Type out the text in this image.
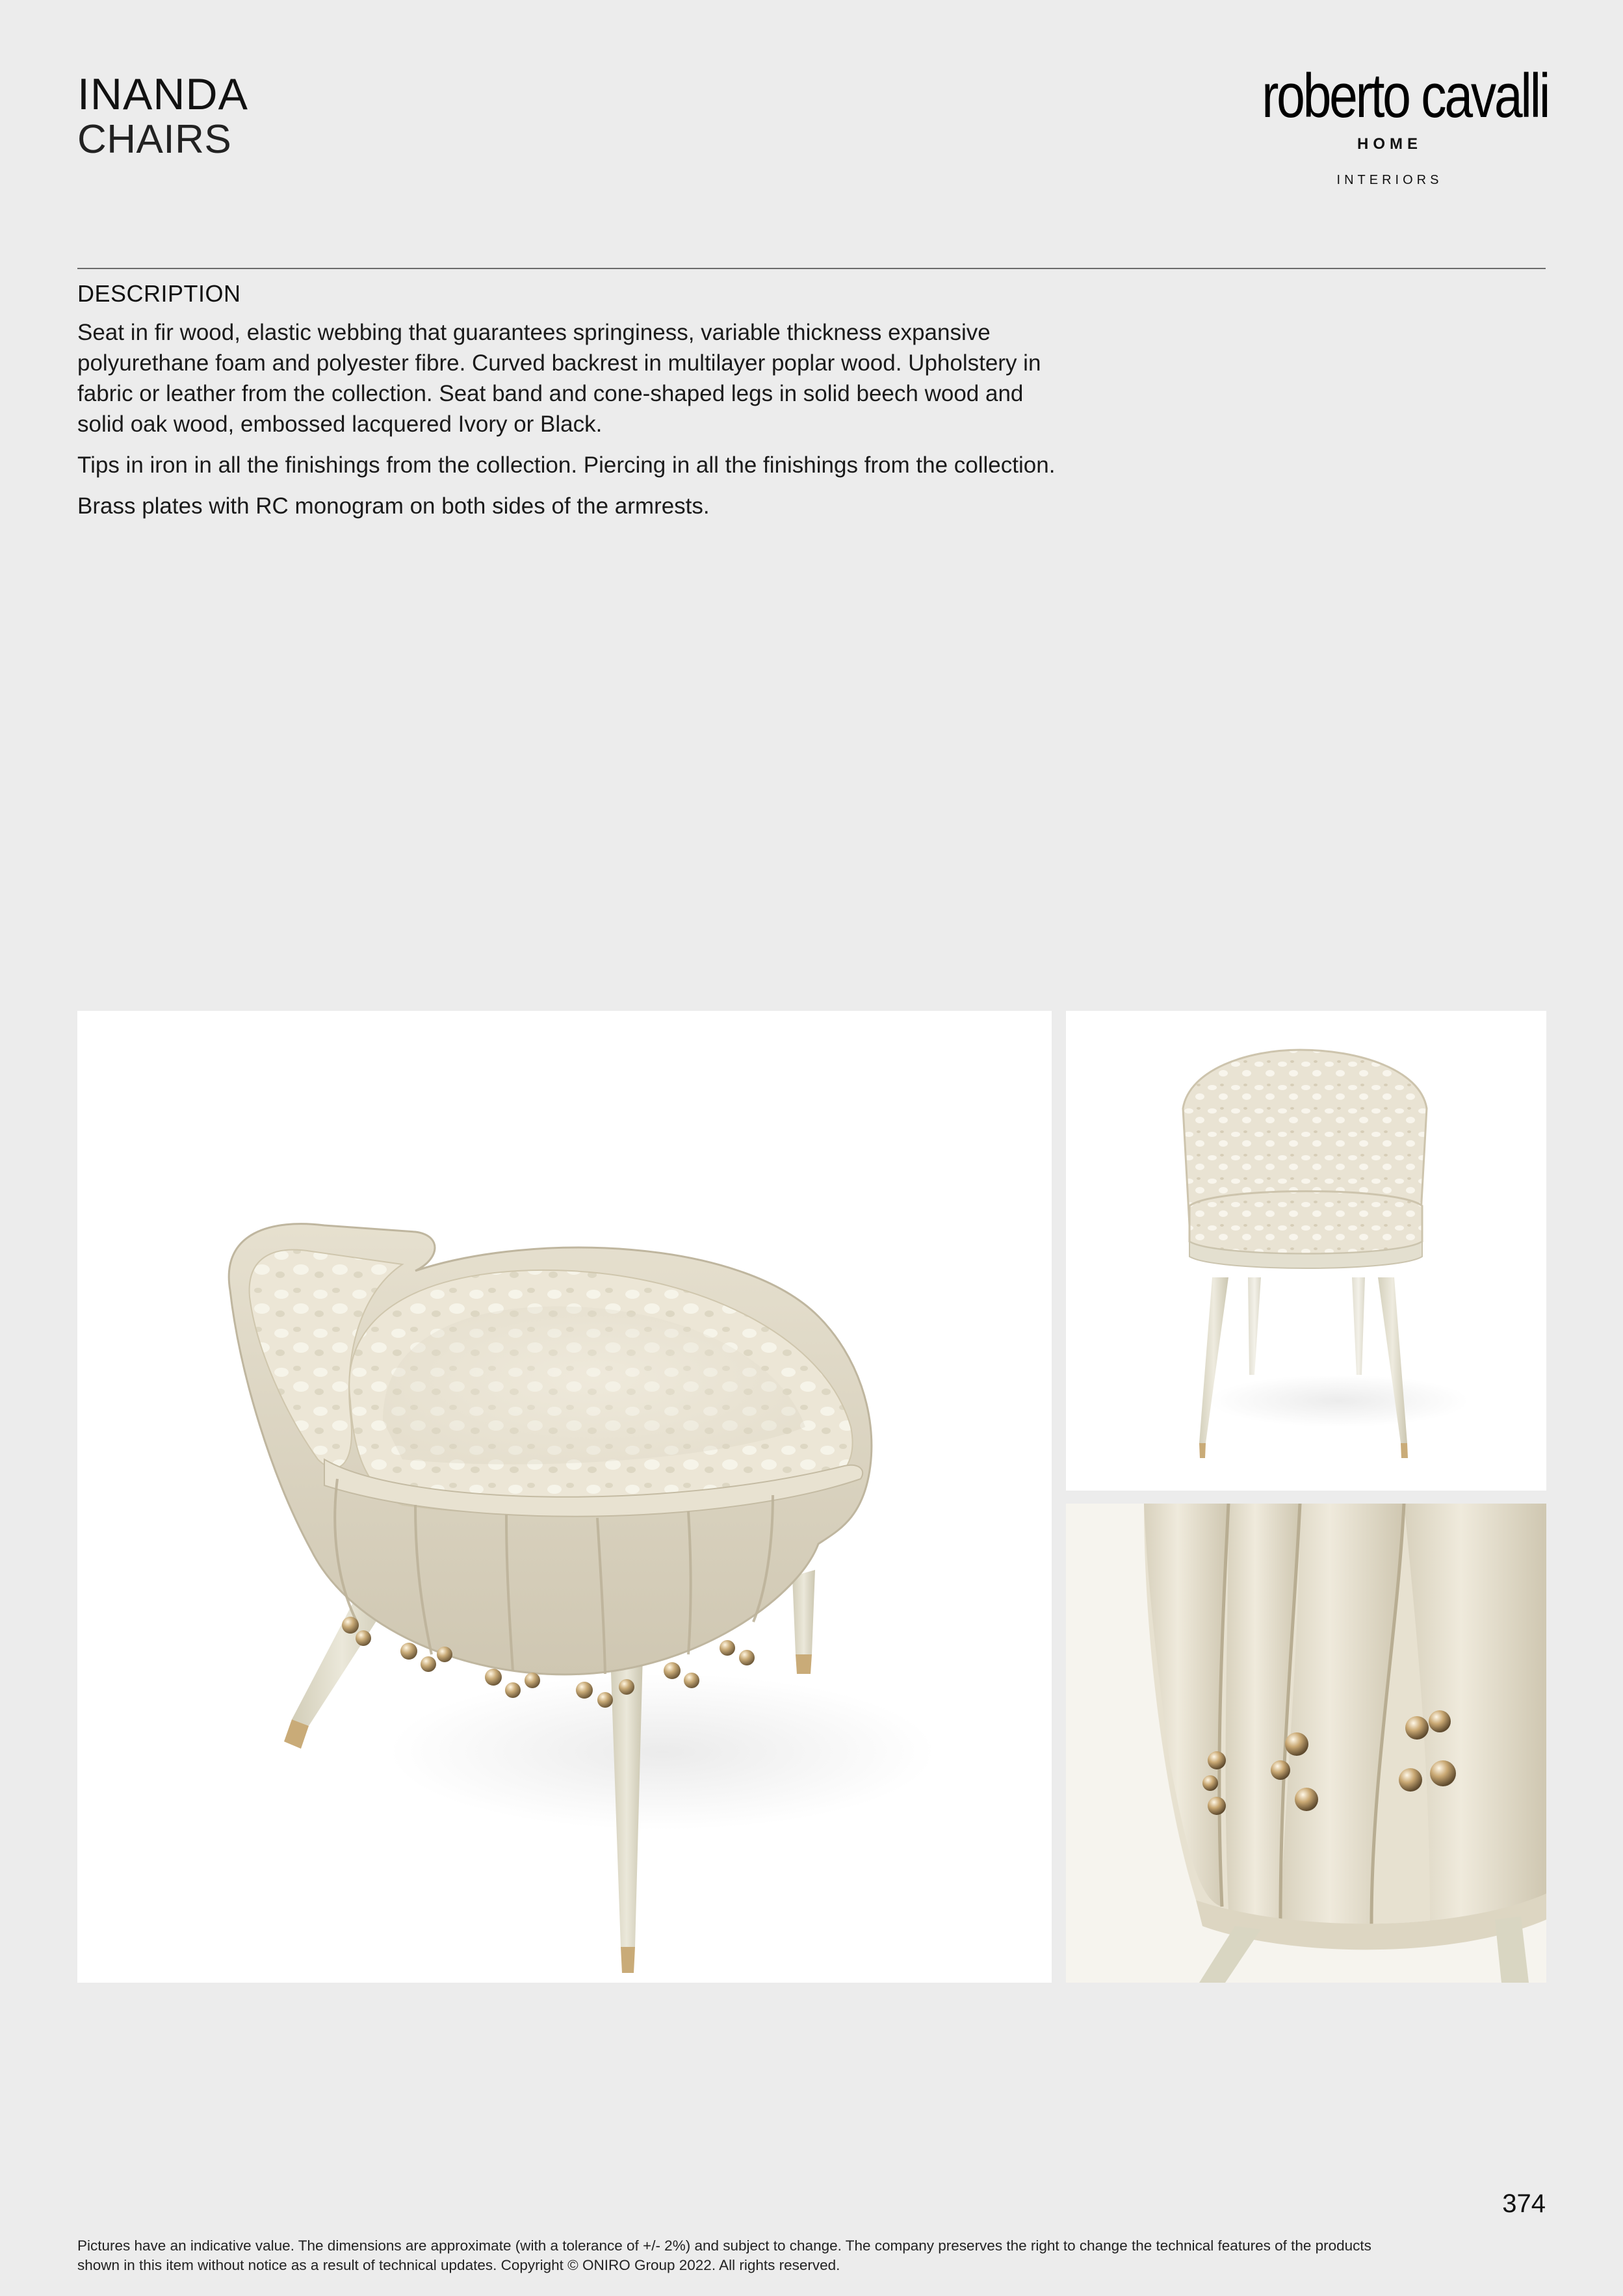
INANDA
CHAIRS
roberto cavalli
HOME
INTERIORS
DESCRIPTION

Seat in fir wood, elastic webbing that guarantees springiness, variable thickness expansive polyurethane foam and polyester fibre. Curved backrest in multilayer poplar wood. Upholstery in fabric or leather from the collection. Seat band and cone-shaped legs in solid beech wood and solid oak wood, embossed lacquered Ivory or Black.

Tips in iron in all the finishings from the collection. Piercing in all the finishings from the collection.

Brass plates with RC monogram on both sides of the armrests.

374
Pictures have an indicative value. The dimensions are approximate (with a tolerance of +/- 2%) and subject to change. The company preserves the right to change the technical features of the products shown in this item without notice as a result of technical updates. Copyright © ONIRO Group 2022. All rights reserved.
